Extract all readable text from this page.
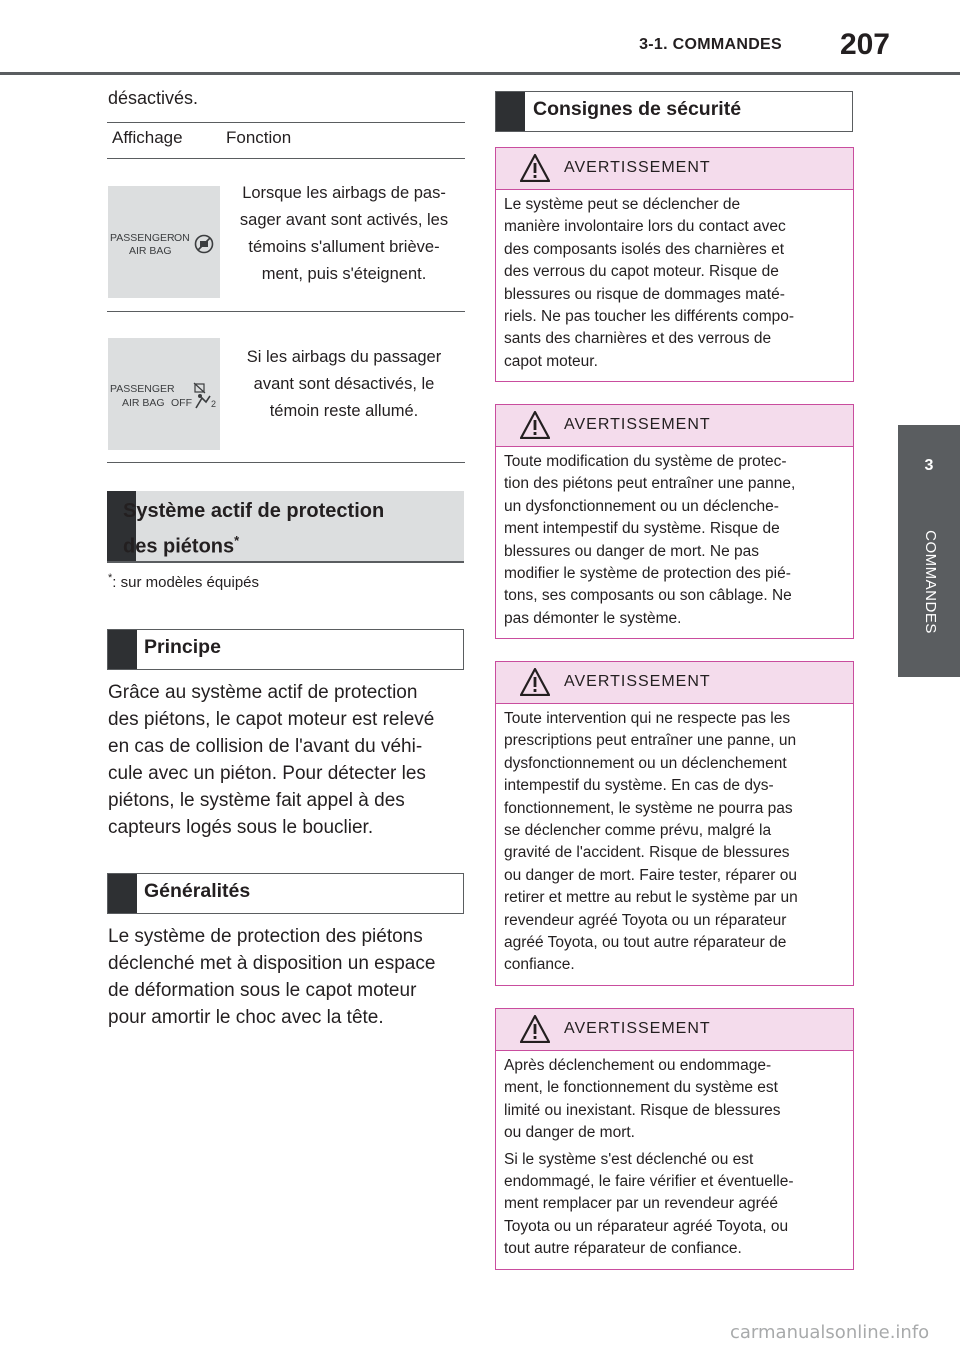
3-1. COMMANDES	207
3
COMMANDES
désactivés.
Affichage	Fonction
PASSENGER ON
AIR BAG
Lorsque les airbags de pas-
sager avant sont activés, les
témoins s'allument briève-
ment, puis s'éteignent.
PASSENGER
AIR BAG OFF 2
Si les airbags du passager
avant sont désactivés, le
témoin reste allumé.
Système actif de protection
des piétons*
*: sur modèles équipés
Principe
Grâce au système actif de protection
des piétons, le capot moteur est relevé
en cas de collision de l'avant du véhi-
cule avec un piéton. Pour détecter les
piétons, le système fait appel à des
capteurs logés sous le bouclier.
Généralités
Le système de protection des piétons
déclenché met à disposition un espace
de déformation sous le capot moteur
pour amortir le choc avec la tête.
Consignes de sécurité
AVERTISSEMENT

Le système peut se déclencher de
manière involontaire lors du contact avec
des composants isolés des charnières et
des verrous du capot moteur. Risque de
blessures ou risque de dommages maté-
riels. Ne pas toucher les différents compo-
sants des charnières et des verrous de
capot moteur.

AVERTISSEMENT

Toute modification du système de protec-
tion des piétons peut entraîner une panne,
un dysfonctionnement ou un déclenche-
ment intempestif du système. Risque de
blessures ou danger de mort. Ne pas
modifier le système de protection des pié-
tons, ses composants ou son câblage. Ne
pas démonter le système.

AVERTISSEMENT

Toute intervention qui ne respecte pas les
prescriptions peut entraîner une panne, un
dysfonctionnement ou un déclenchement
intempestif du système. En cas de dys-
fonctionnement, le système ne pourra pas
se déclencher comme prévu, malgré la
gravité de l'accident. Risque de blessures
ou danger de mort. Faire tester, réparer ou
retirer et mettre au rebut le système par un
revendeur agréé Toyota ou un réparateur
agréé Toyota, ou tout autre réparateur de
confiance.

AVERTISSEMENT

Après déclenchement ou endommage-
ment, le fonctionnement du système est
limité ou inexistant. Risque de blessures
ou danger de mort.

Si le système s'est déclenché ou est
endommagé, le faire vérifier et éventuelle-
ment remplacer par un revendeur agréé
Toyota ou un réparateur agréé Toyota, ou
tout autre réparateur de confiance.

carmanualsonline.info
